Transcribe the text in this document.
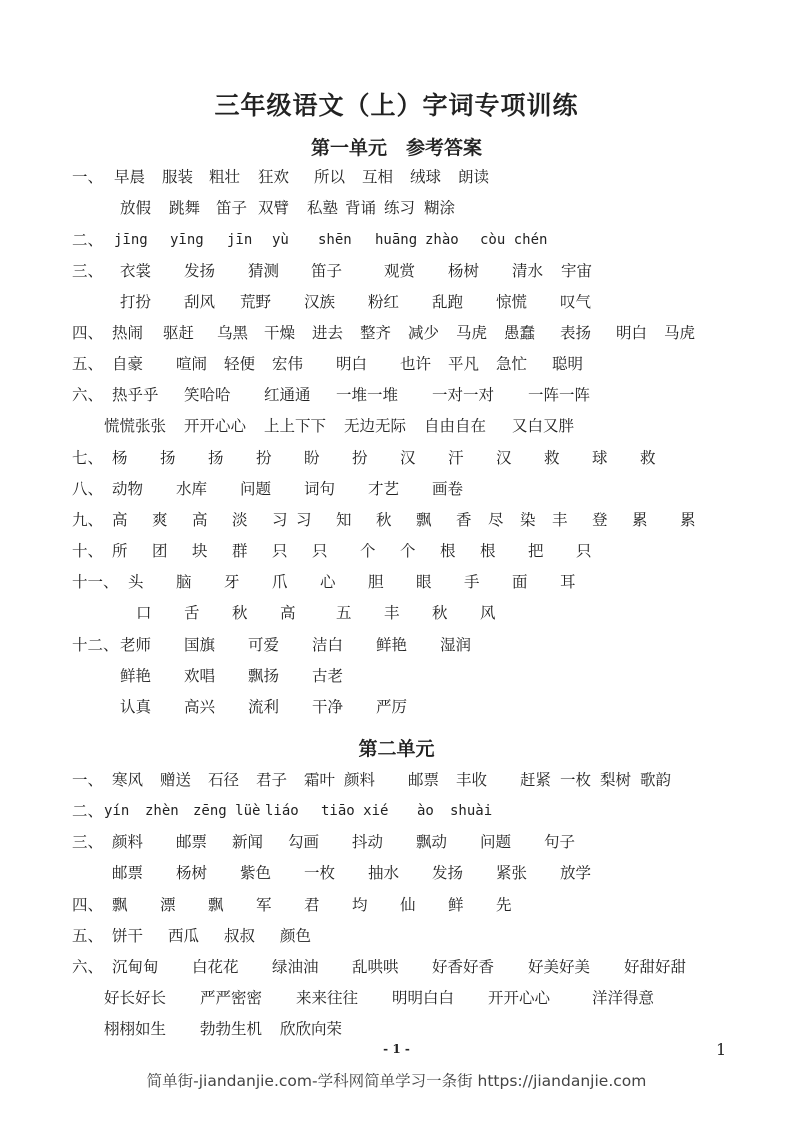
三年级语文（上）字词专项训练
第一单元　参考答案
一、 早晨 服装 粗壮 狂欢 所以 互相 绒球 朗读
放假 跳舞 笛子 双臂 私塾 背诵 练习 糊涂
二、 jīng yīng jīn yù shēn huāng zhào còu chén
三、 衣裳 发扬 猜测 笛子	观赏 杨树 清水 宇宙
打扮 刮风 荒野 汉族 粉红 乱跑 惊慌 叹气
四、 热闹 驱赶 乌黑 干燥 进去 整齐 减少 马虎 愚蠢 表扬 明白 马虎
五、 自豪 喧闹 轻便 宏伟 明白 也许 平凡 急忙 聪明
六、 热乎乎 笑哈哈 红通通 一堆一堆 一对一对 一阵一阵
慌慌张张 开开心心 上上下下 无边无际 自由自在 又白又胖
七、 杨 扬 扬 扮 盼 扮 汉 汗 汉 救 球 救
八、 动物 水库 问题 词句 才艺 画卷
九、 高 爽 高 淡 习 习 知 秋 飘 香 尽 染 丰 登 累 累
十、 所 团 块 群 只 只 个 个 根 根 把 只
十一、 头 脑 牙 爪 心 胆 眼 手 面 耳
口 舌 秋 高	五 丰 秋 风
十二、 老师 国旗 可爱 洁白 鲜艳 湿润
鲜艳 欢唱 飘扬 古老
认真 高兴 流利 干净 严厉
一、 寒风 赠送 石径 君子 霜叶 颜料 邮票 丰收 赶紧 一枚 梨树 歌韵
二、 yín zhèn zēng lüè liáo tiāo xié ào shuài
三、 颜料 邮票 新闻 勾画 抖动 飘动 问题 句子
邮票 杨树 紫色 一枚 抽水 发扬 紧张 放学
四、 飘 漂 飘 军 君 均 仙 鲜 先
五、 饼干 西瓜 叔叔 颜色
六、 沉甸甸 白花花 绿油油 乱哄哄 好香好香 好美好美 好甜好甜
好长好长 严严密密 来来往往 明明白白 开开心心	洋洋得意
栩栩如生 勃勃生机 欣欣向荣
第二单元
- 1 -	1
简单街-jiandanjie.com-学科网简单学习一条街 https://jiandanjie.com
